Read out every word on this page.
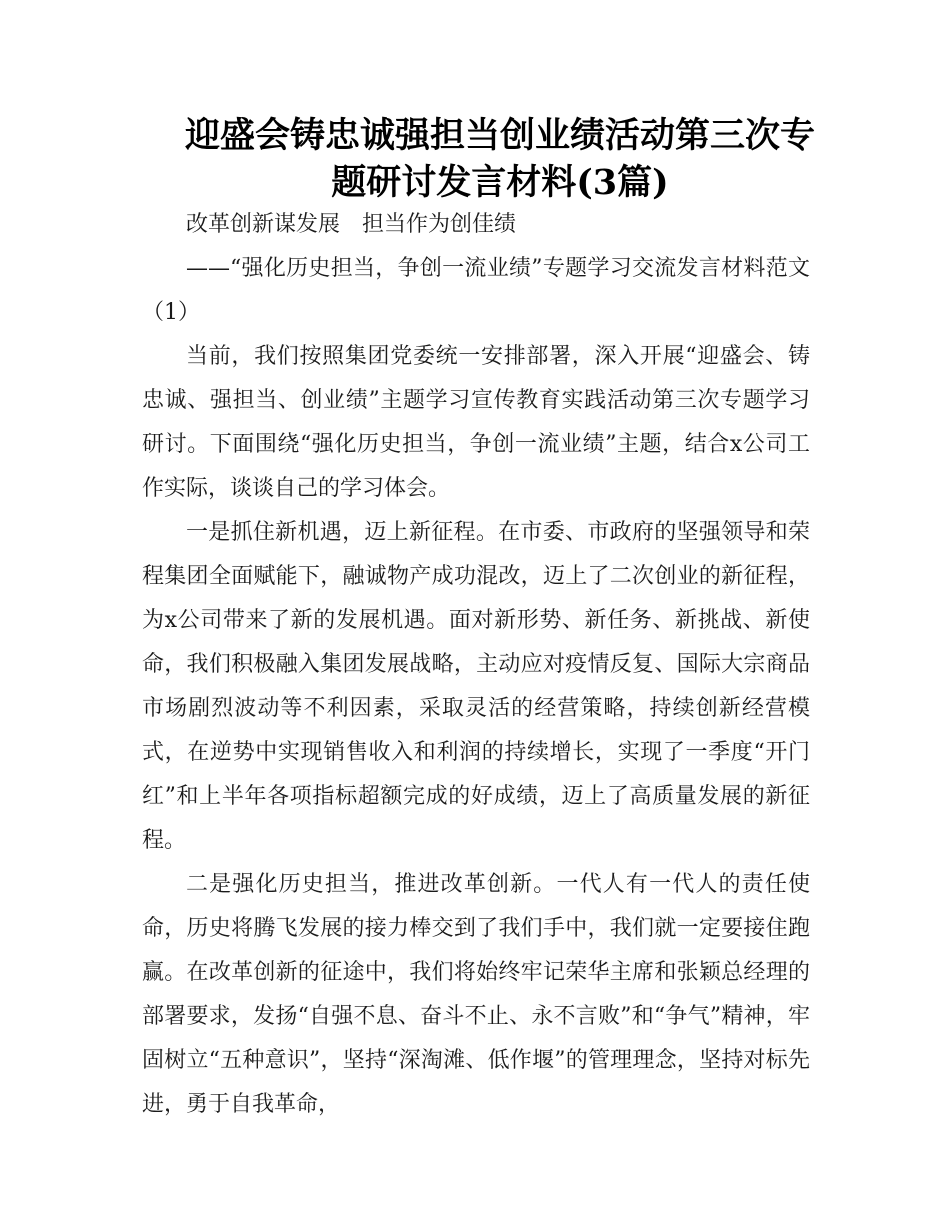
迎盛会铸忠诚强担当创业绩活动第三次专
题研讨发言材料(3篇)

改革创新谋发展　担当作为创佳绩

——“强化历史担当，争创一流业绩”专题学习交流发言材料范文（1）

当前，我们按照集团党委统一安排部署，深入开展“迎盛会、铸忠诚、强担当、创业绩”主题学习宣传教育实践活动第三次专题学习研讨。下面围绕“强化历史担当，争创一流业绩”主题，结合x公司工作实际，谈谈自己的学习体会。

一是抓住新机遇，迈上新征程。在市委、市政府的坚强领导和荣程集团全面赋能下，融诚物产成功混改，迈上了二次创业的新征程，为x公司带来了新的发展机遇。面对新形势、新任务、新挑战、新使命，我们积极融入集团发展战略，主动应对疫情反复、国际大宗商品市场剧烈波动等不利因素，采取灵活的经营策略，持续创新经营模式，在逆势中实现销售收入和利润的持续增长，实现了一季度“开门红”和上半年各项指标超额完成的好成绩，迈上了高质量发展的新征程。

二是强化历史担当，推进改革创新。一代人有一代人的责任使命，历史将腾飞发展的接力棒交到了我们手中，我们就一定要接住跑赢。在改革创新的征途中，我们将始终牢记荣华主席和张颖总经理的部署要求，发扬“自强不息、奋斗不止、永不言败”和“争气”精神，牢固树立“五种意识”，坚持“深淘滩、低作堰”的管理理念，坚持对标先进，勇于自我革命，
